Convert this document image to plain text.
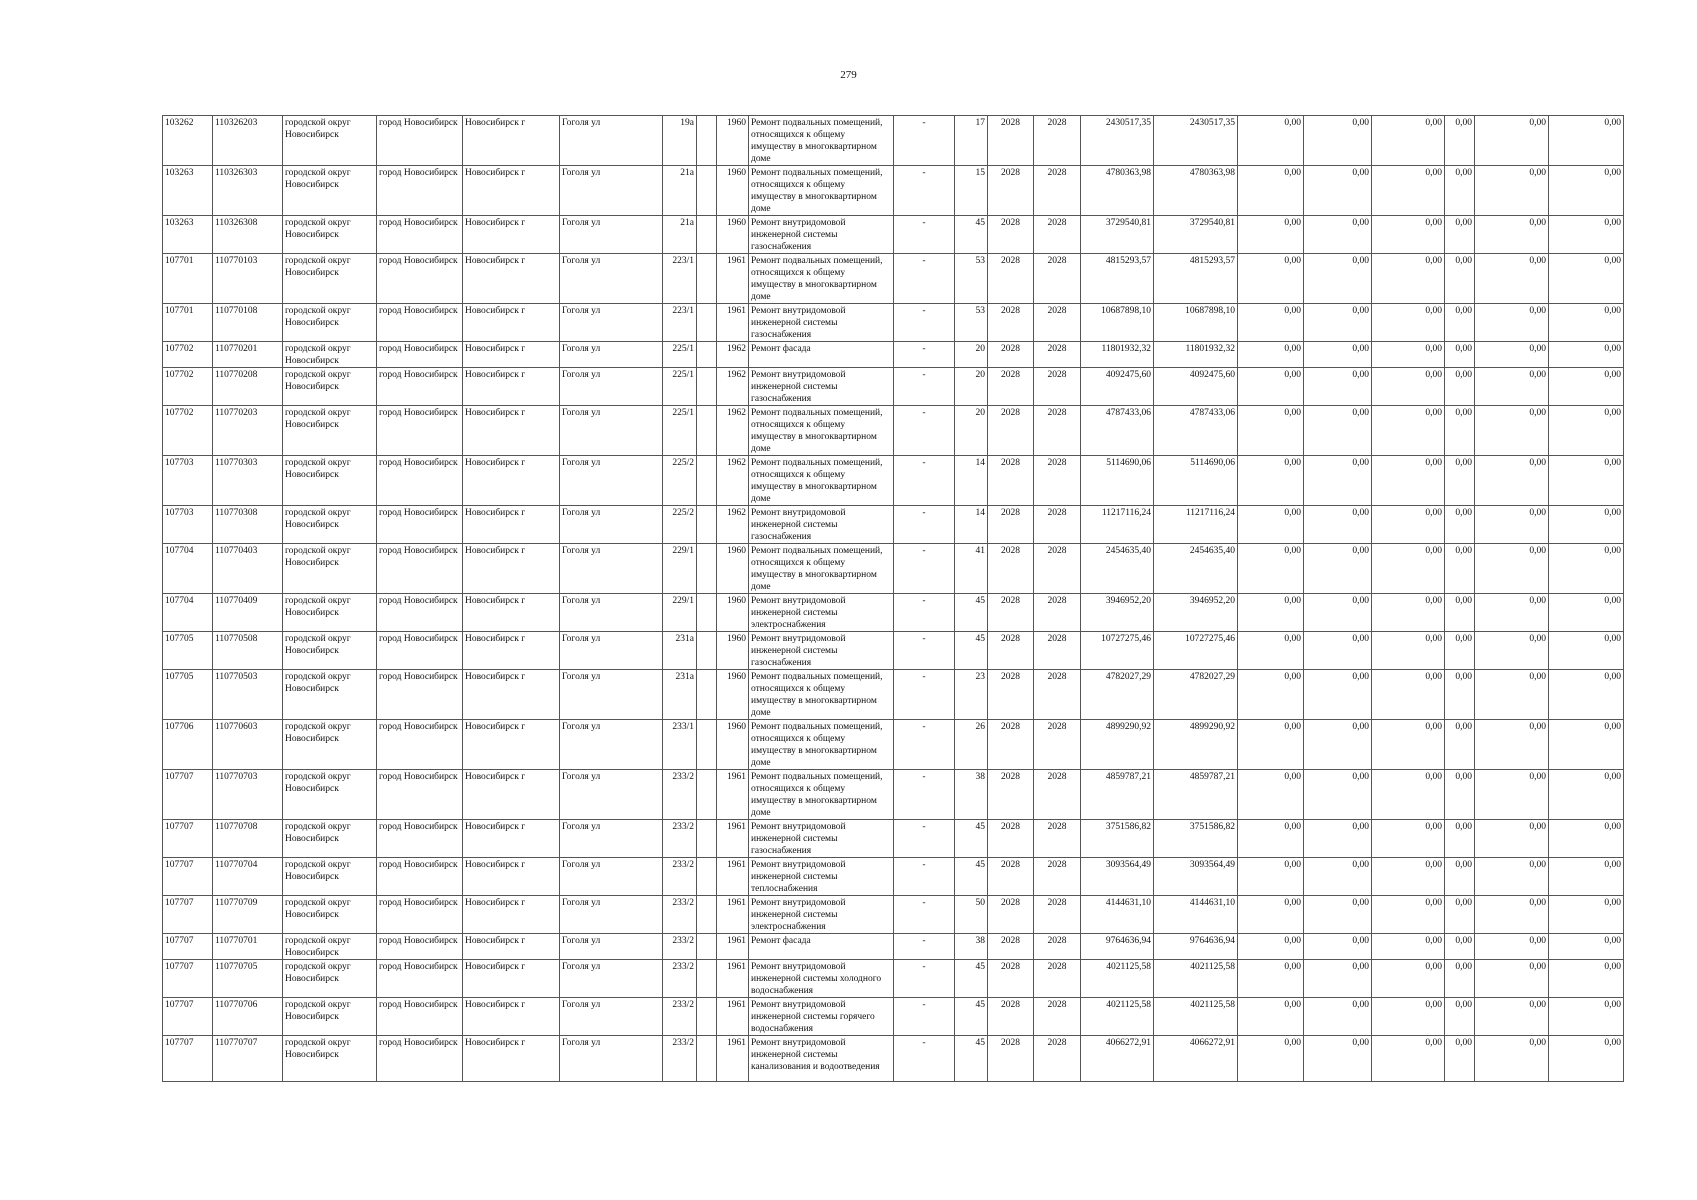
279
103262	110326203	городской округ Новосибирск	город Новосибирск	Новосибирск г	Гоголя ул	19а		1960	Ремонт подвальных помещений, относящихся к общему имуществу в многоквартирном доме	-	17	2028	2028	2430517,35	2430517,35	0,00	0,00	0,00	0,00	0,00	0,00
103263	110326303	городской округ Новосибирск	город Новосибирск	Новосибирск г	Гоголя ул	21а		1960	Ремонт подвальных помещений, относящихся к общему имуществу в многоквартирном доме	-	15	2028	2028	4780363,98	4780363,98	0,00	0,00	0,00	0,00	0,00	0,00
103263	110326308	городской округ Новосибирск	город Новосибирск	Новосибирск г	Гоголя ул	21а		1960	Ремонт внутридомовой инженерной системы газоснабжения	-	45	2028	2028	3729540,81	3729540,81	0,00	0,00	0,00	0,00	0,00	0,00
107701	110770103	городской округ Новосибирск	город Новосибирск	Новосибирск г	Гоголя ул	223/1		1961	Ремонт подвальных помещений, относящихся к общему имуществу в многоквартирном доме	-	53	2028	2028	4815293,57	4815293,57	0,00	0,00	0,00	0,00	0,00	0,00
107701	110770108	городской округ Новосибирск	город Новосибирск	Новосибирск г	Гоголя ул	223/1		1961	Ремонт внутридомовой инженерной системы газоснабжения	-	53	2028	2028	10687898,10	10687898,10	0,00	0,00	0,00	0,00	0,00	0,00
107702	110770201	городской округ Новосибирск	город Новосибирск	Новосибирск г	Гоголя ул	225/1		1962	Ремонт фасада	-	20	2028	2028	11801932,32	11801932,32	0,00	0,00	0,00	0,00	0,00	0,00
107702	110770208	городской округ Новосибирск	город Новосибирск	Новосибирск г	Гоголя ул	225/1		1962	Ремонт внутридомовой инженерной системы газоснабжения	-	20	2028	2028	4092475,60	4092475,60	0,00	0,00	0,00	0,00	0,00	0,00
107702	110770203	городской округ Новосибирск	город Новосибирск	Новосибирск г	Гоголя ул	225/1		1962	Ремонт подвальных помещений, относящихся к общему имуществу в многоквартирном доме	-	20	2028	2028	4787433,06	4787433,06	0,00	0,00	0,00	0,00	0,00	0,00
107703	110770303	городской округ Новосибирск	город Новосибирск	Новосибирск г	Гоголя ул	225/2		1962	Ремонт подвальных помещений, относящихся к общему имуществу в многоквартирном доме	-	14	2028	2028	5114690,06	5114690,06	0,00	0,00	0,00	0,00	0,00	0,00
107703	110770308	городской округ Новосибирск	город Новосибирск	Новосибирск г	Гоголя ул	225/2		1962	Ремонт внутридомовой инженерной системы газоснабжения	-	14	2028	2028	11217116,24	11217116,24	0,00	0,00	0,00	0,00	0,00	0,00
107704	110770403	городской округ Новосибирск	город Новосибирск	Новосибирск г	Гоголя ул	229/1		1960	Ремонт подвальных помещений, относящихся к общему имуществу в многоквартирном доме	-	41	2028	2028	2454635,40	2454635,40	0,00	0,00	0,00	0,00	0,00	0,00
107704	110770409	городской округ Новосибирск	город Новосибирск	Новосибирск г	Гоголя ул	229/1		1960	Ремонт внутридомовой инженерной системы электроснабжения	-	45	2028	2028	3946952,20	3946952,20	0,00	0,00	0,00	0,00	0,00	0,00
107705	110770508	городской округ Новосибирск	город Новосибирск	Новосибирск г	Гоголя ул	231а		1960	Ремонт внутридомовой инженерной системы газоснабжения	-	45	2028	2028	10727275,46	10727275,46	0,00	0,00	0,00	0,00	0,00	0,00
107705	110770503	городской округ Новосибирск	город Новосибирск	Новосибирск г	Гоголя ул	231а		1960	Ремонт подвальных помещений, относящихся к общему имуществу в многоквартирном доме	-	23	2028	2028	4782027,29	4782027,29	0,00	0,00	0,00	0,00	0,00	0,00
107706	110770603	городской округ Новосибирск	город Новосибирск	Новосибирск г	Гоголя ул	233/1		1960	Ремонт подвальных помещений, относящихся к общему имуществу в многоквартирном доме	-	26	2028	2028	4899290,92	4899290,92	0,00	0,00	0,00	0,00	0,00	0,00
107707	110770703	городской округ Новосибирск	город Новосибирск	Новосибирск г	Гоголя ул	233/2		1961	Ремонт подвальных помещений, относящихся к общему имуществу в многоквартирном доме	-	38	2028	2028	4859787,21	4859787,21	0,00	0,00	0,00	0,00	0,00	0,00
107707	110770708	городской округ Новосибирск	город Новосибирск	Новосибирск г	Гоголя ул	233/2		1961	Ремонт внутридомовой инженерной системы газоснабжения	-	45	2028	2028	3751586,82	3751586,82	0,00	0,00	0,00	0,00	0,00	0,00
107707	110770704	городской округ Новосибирск	город Новосибирск	Новосибирск г	Гоголя ул	233/2		1961	Ремонт внутридомовой инженерной системы теплоснабжения	-	45	2028	2028	3093564,49	3093564,49	0,00	0,00	0,00	0,00	0,00	0,00
107707	110770709	городской округ Новосибирск	город Новосибирск	Новосибирск г	Гоголя ул	233/2		1961	Ремонт внутридомовой инженерной системы электроснабжения	-	50	2028	2028	4144631,10	4144631,10	0,00	0,00	0,00	0,00	0,00	0,00
107707	110770701	городской округ Новосибирск	город Новосибирск	Новосибирск г	Гоголя ул	233/2		1961	Ремонт фасада	-	38	2028	2028	9764636,94	9764636,94	0,00	0,00	0,00	0,00	0,00	0,00
107707	110770705	городской округ Новосибирск	город Новосибирск	Новосибирск г	Гоголя ул	233/2		1961	Ремонт внутридомовой инженерной системы холодного водоснабжения	-	45	2028	2028	4021125,58	4021125,58	0,00	0,00	0,00	0,00	0,00	0,00
107707	110770706	городской округ Новосибирск	город Новосибирск	Новосибирск г	Гоголя ул	233/2		1961	Ремонт внутридомовой инженерной системы горячего водоснабжения	-	45	2028	2028	4021125,58	4021125,58	0,00	0,00	0,00	0,00	0,00	0,00
107707	110770707	городской округ Новосибирск	город Новосибирск	Новосибирск г	Гоголя ул	233/2		1961	Ремонт внутридомовой инженерной системы канализования и водоотведения	-	45	2028	2028	4066272,91	4066272,91	0,00	0,00	0,00	0,00	0,00	0,00
